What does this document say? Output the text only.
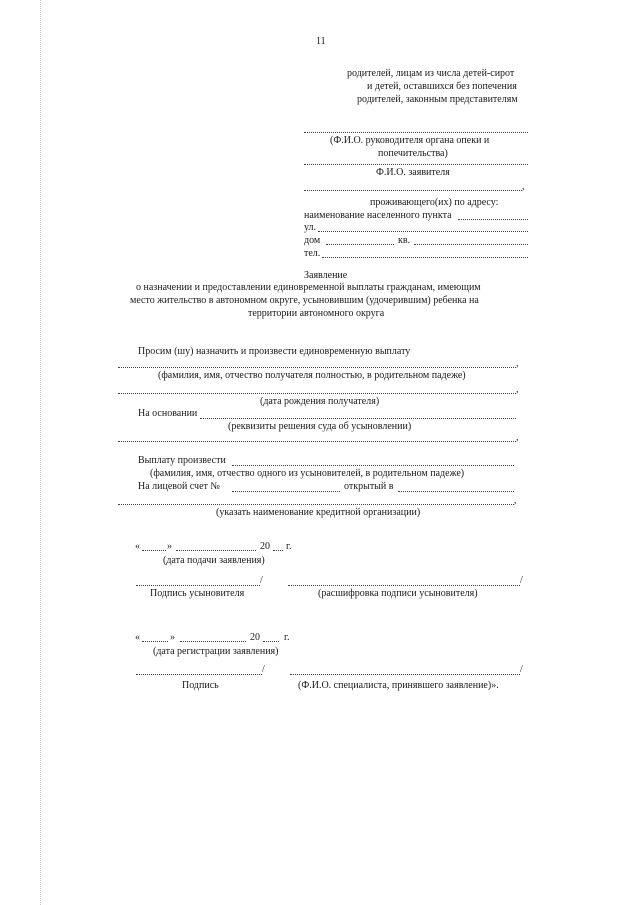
11
родителей, лицам из числа детей-сирот
и детей, оставшихся без попечения
родителей, законным представителям
(Ф.И.О. руководителя органа опеки и
попечительства)
Ф.И.О. заявителя
,
проживающего(их) по адресу:
наименование населенного пункта
ул.
дом	кв.
тел.
Заявление
о назначении и предоставлении единовременной выплаты гражданам, имеющим
место жительство в автономном округе, усыновившим (удочерившим) ребенка на
территории автономного округа
Просим (шу) назначить и произвести единовременную выплату
,
(фамилия, имя, отчество получателя полностью, в родительном падеже)
,
(дата рождения получателя)
На основании
(реквизиты решения суда об усыновлении)
,
Выплату произвести
(фамилия, имя, отчество одного из усыновителей, в родительном падеже)
На лицевой счет №	открытый в
,
(указать наименование кредитной организации)
«	»	20 г.
(дата подачи заявления)
/	/
Подпись усыновителя	(расшифровка подписи усыновителя)
«	»	20 г.
(дата регистрации заявления)
/	/
Подпись	(Ф.И.О. специалиста, принявшего заявление)».
